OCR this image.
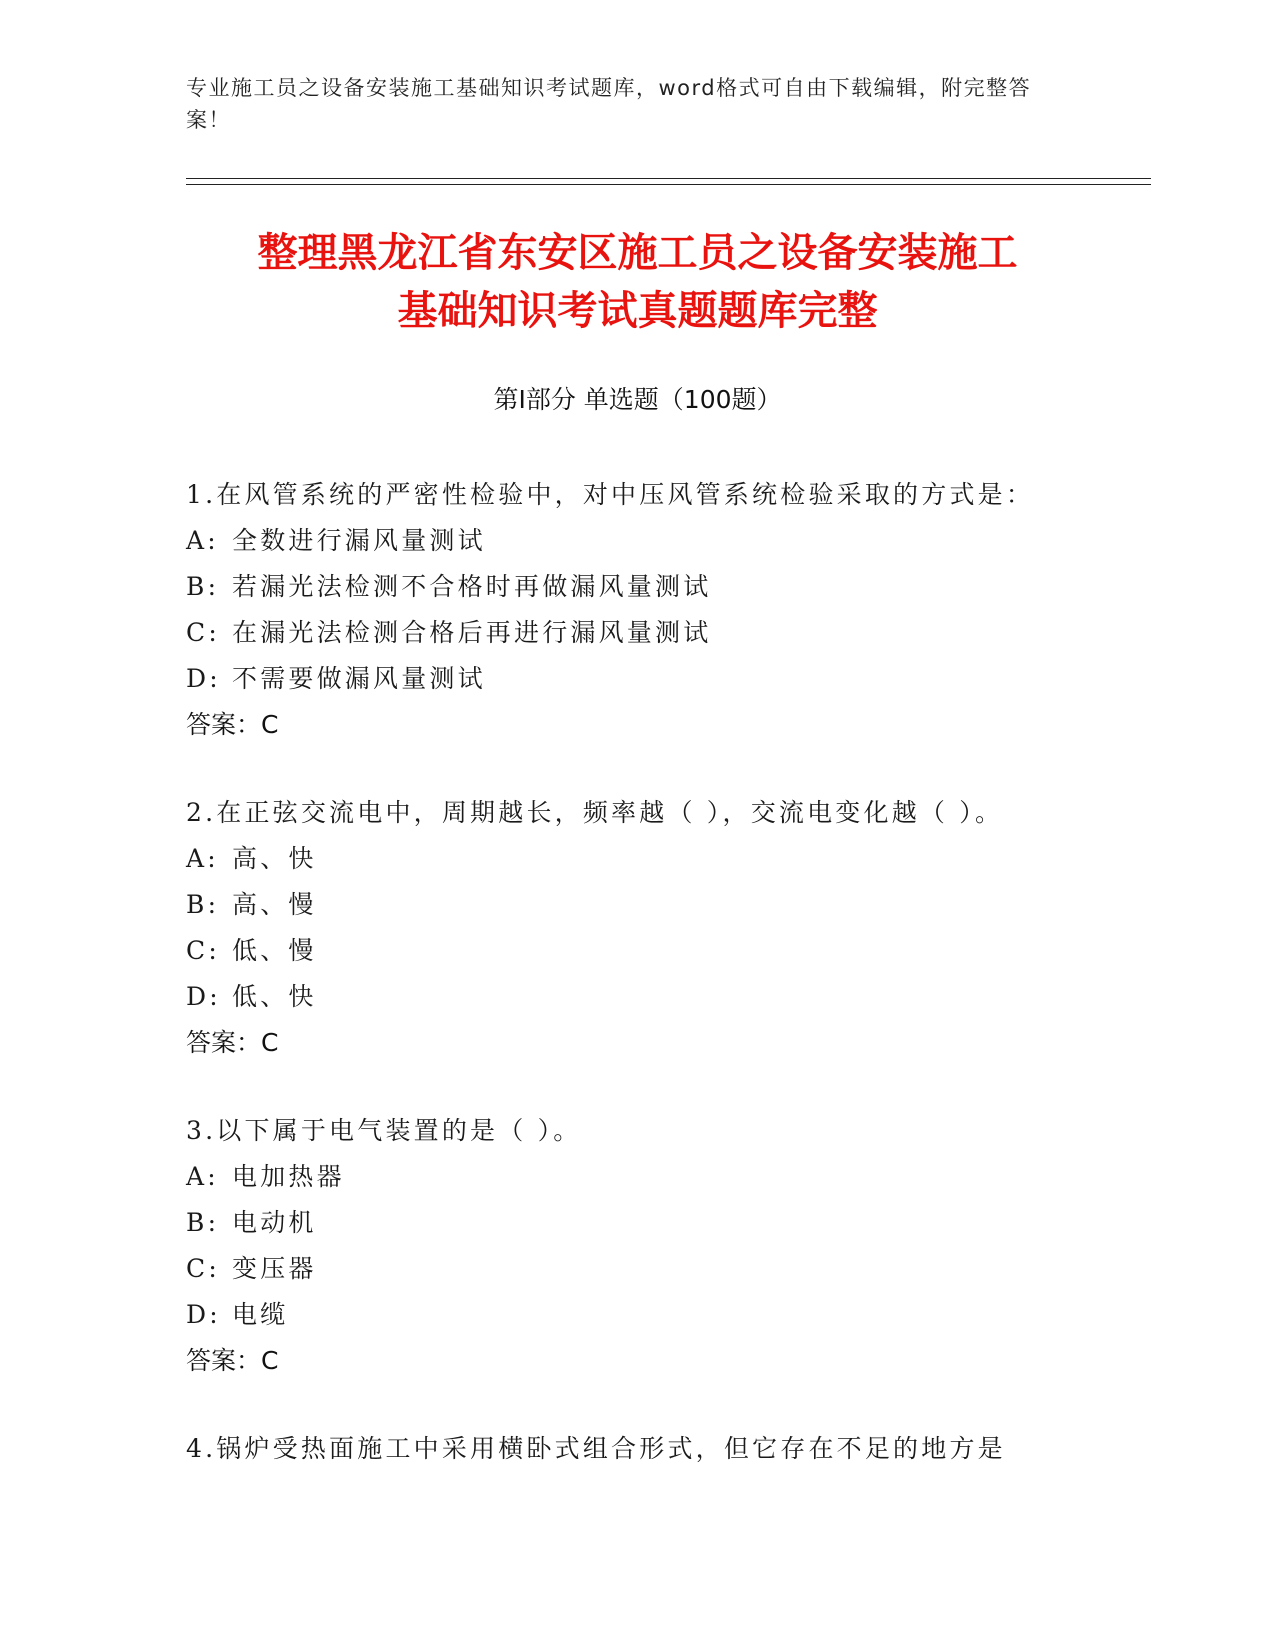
专业施工员之设备安装施工基础知识考试题库，word格式可自由下载编辑，附完整答案！

整理黑龙江省东安区施工员之设备安装施工
基础知识考试真题题库完整
第Ⅰ部分 单选题（100题）
1.在风管系统的严密性检验中，对中压风管系统检验采取的方式是：
A: 全数进行漏风量测试
B: 若漏光法检测不合格时再做漏风量测试
C: 在漏光法检测合格后再进行漏风量测试
D: 不需要做漏风量测试
答案：C
2.在正弦交流电中，周期越长，频率越（ ），交流电变化越（ ）。
A: 高、快
B: 高、慢
C: 低、慢
D: 低、快
答案：C
3.以下属于电气装置的是（ ）。
A: 电加热器
B: 电动机
C: 变压器
D: 电缆
答案：C
4.锅炉受热面施工中采用横卧式组合形式，但它存在不足的地方是
